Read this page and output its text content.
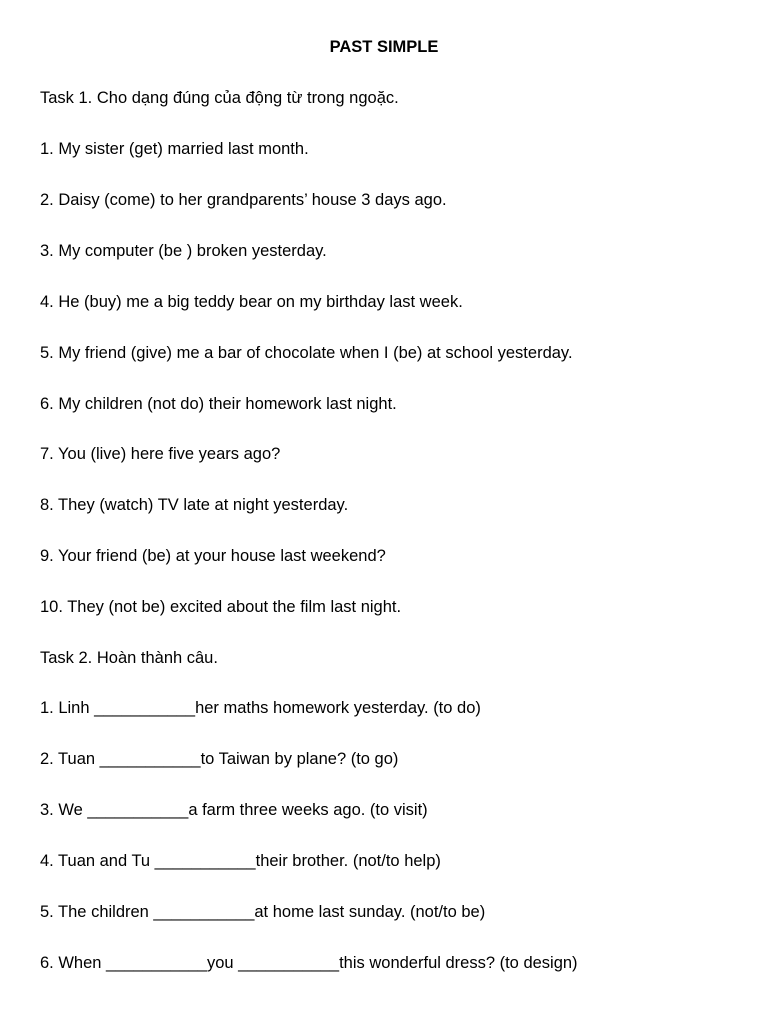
PAST SIMPLE
Task 1. Cho dạng đúng của động từ trong ngoặc.
1. My sister (get) married last month.
2. Daisy (come) to her grandparents’ house 3 days ago.
3. My computer (be ) broken yesterday.
4. He (buy) me a big teddy bear on my birthday last week.
5. My friend (give) me a bar of chocolate when I (be) at school yesterday.
6. My children (not do) their homework last night.
7. You (live) here five years ago?
8. They (watch) TV late at night yesterday.
9. Your friend (be) at your house last weekend?
10. They (not be) excited about the film last night.
Task 2. Hoàn thành câu.
1. Linh ___________her maths homework yesterday. (to do)
2. Tuan ___________to Taiwan by plane? (to go)
3. We ___________a farm three weeks ago. (to visit)
4. Tuan and Tu ___________their brother. (not/to help)
5. The children ___________at home last sunday. (not/to be)
6. When ___________you ___________this wonderful dress? (to design)
